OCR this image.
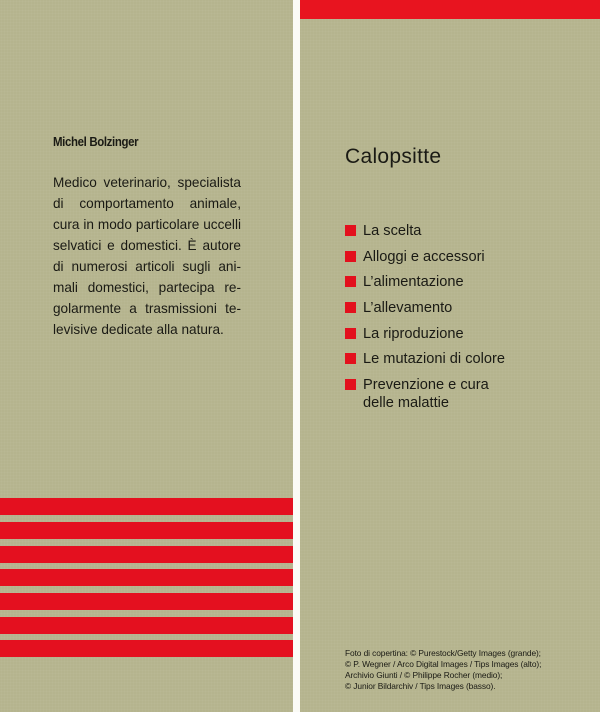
Michel Bolzinger

Medico veterinario, specialista
di comportamento animale,
cura in modo particolare uccelli
selvatici e domestici. È autore
di numerosi articoli sugli ani-
mali domestici, partecipa re-
golarmente a trasmissioni te-
levisive dedicate alla natura.

Calopsitte
La scelta
Alloggi e accessori
L’alimentazione
L’allevamento
La riproduzione
Le mutazioni di colore
Prevenzione e cura
delle malattie

Foto di copertina: © Purestock/Getty Images (grande);
© P. Wegner / Arco Digital Images / Tips Images (alto);
Archivio Giunti / © Philippe Rocher (medio);
© Junior Bildarchiv / Tips Images (basso).
